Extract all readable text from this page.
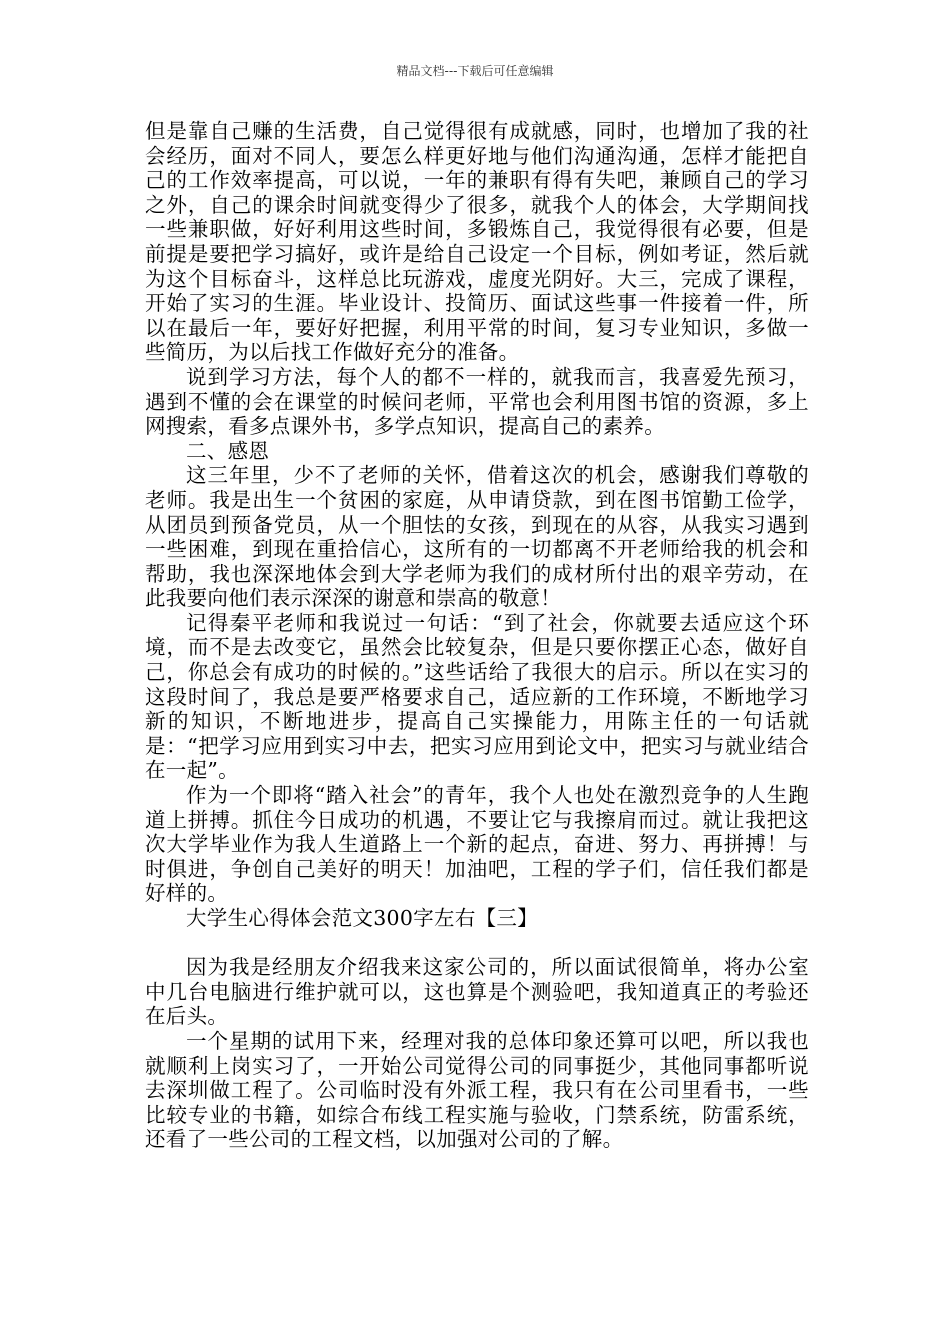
精品文档---下载后可任意编辑

但是靠自己赚的生活费，自己觉得很有成就感，同时，也增加了我的社会经历，面对不同人，要怎么样更好地与他们沟通沟通，怎样才能把自己的工作效率提高，可以说，一年的兼职有得有失吧，兼顾自己的学习之外，自己的课余时间就变得少了很多，就我个人的体会，大学期间找一些兼职做，好好利用这些时间，多锻炼自己，我觉得很有必要，但是前提是要把学习搞好，或许是给自己设定一个目标，例如考证，然后就为这个目标奋斗，这样总比玩游戏，虚度光阴好。大三，完成了课程，开始了实习的生涯。毕业设计、投简历、面试这些事一件接着一件，所以在最后一年，要好好把握，利用平常的时间，复习专业知识，多做一些简历，为以后找工作做好充分的准备。

说到学习方法，每个人的都不一样的，就我而言，我喜爱先预习，遇到不懂的会在课堂的时候问老师，平常也会利用图书馆的资源，多上网搜索，看多点课外书，多学点知识，提高自己的素养。

二、感恩

这三年里，少不了老师的关怀，借着这次的机会，感谢我们尊敬的老师。我是出生一个贫困的家庭，从申请贷款，到在图书馆勤工俭学，从团员到预备党员，从一个胆怯的女孩，到现在的从容，从我实习遇到一些困难，到现在重拾信心，这所有的一切都离不开老师给我的机会和帮助，我也深深地体会到大学老师为我们的成材所付出的艰辛劳动，在此我要向他们表示深深的谢意和崇高的敬意！

记得秦平老师和我说过一句话：“到了社会，你就要去适应这个环境，而不是去改变它，虽然会比较复杂，但是只要你摆正心态，做好自己，你总会有成功的时候的。”这些话给了我很大的启示。所以在实习的这段时间了，我总是要严格要求自己，适应新的工作环境，不断地学习新的知识，不断地进步，提高自己实操能力，用陈主任的一句话就是：“把学习应用到实习中去，把实习应用到论文中，把实习与就业结合在一起”。

作为一个即将“踏入社会”的青年，我个人也处在激烈竞争的人生跑道上拼搏。抓住今日成功的机遇，不要让它与我擦肩而过。就让我把这次大学毕业作为我人生道路上一个新的起点，奋进、努力、再拼搏！与时俱进，争创自己美好的明天！加油吧，工程的学子们，信任我们都是好样的。

大学生心得体会范文300字左右【三】

因为我是经朋友介绍我来这家公司的，所以面试很简单，将办公室中几台电脑进行维护就可以，这也算是个测验吧，我知道真正的考验还在后头。

一个星期的试用下来，经理对我的总体印象还算可以吧，所以我也就顺利上岗实习了，一开始公司觉得公司的同事挺少，其他同事都听说去深圳做工程了。公司临时没有外派工程，我只有在公司里看书，一些比较专业的书籍，如综合布线工程实施与验收，门禁系统，防雷系统，还看了一些公司的工程文档，以加强对公司的了解。
